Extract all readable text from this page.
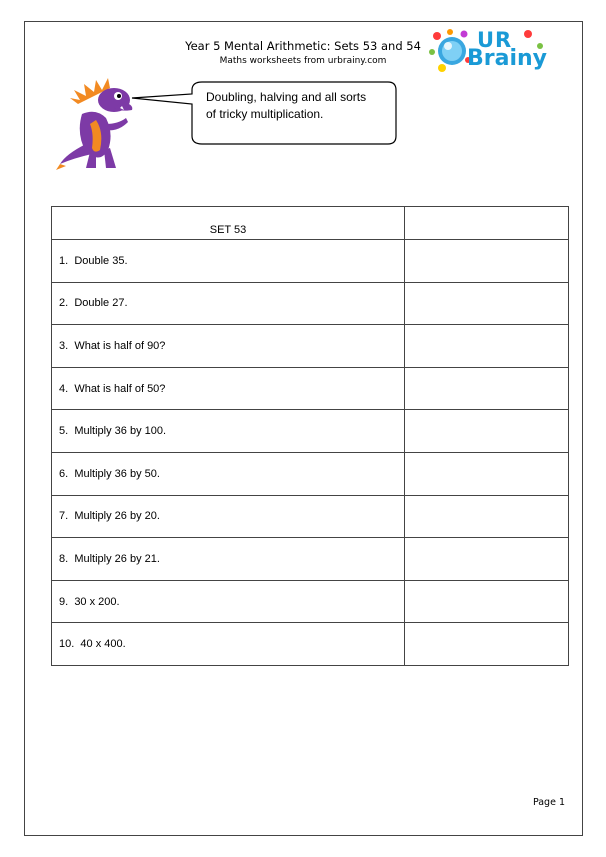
Year 5 Mental Arithmetic: Sets 53 and 54
Maths worksheets from urbrainy.com
UR
Brainy
Doubling, halving and all sorts
of tricky multiplication.
SET 53	
1. Double 35.	
2. Double 27.	
3. What is half of 90?	
4. What is half of 50?	
5. Multiply 36 by 100.	
6. Multiply 36 by 50.	
7. Multiply 26 by 20.	
8. Multiply 26 by 21.	
9. 30 x 200.	
10. 40 x 400.	
Page 1
